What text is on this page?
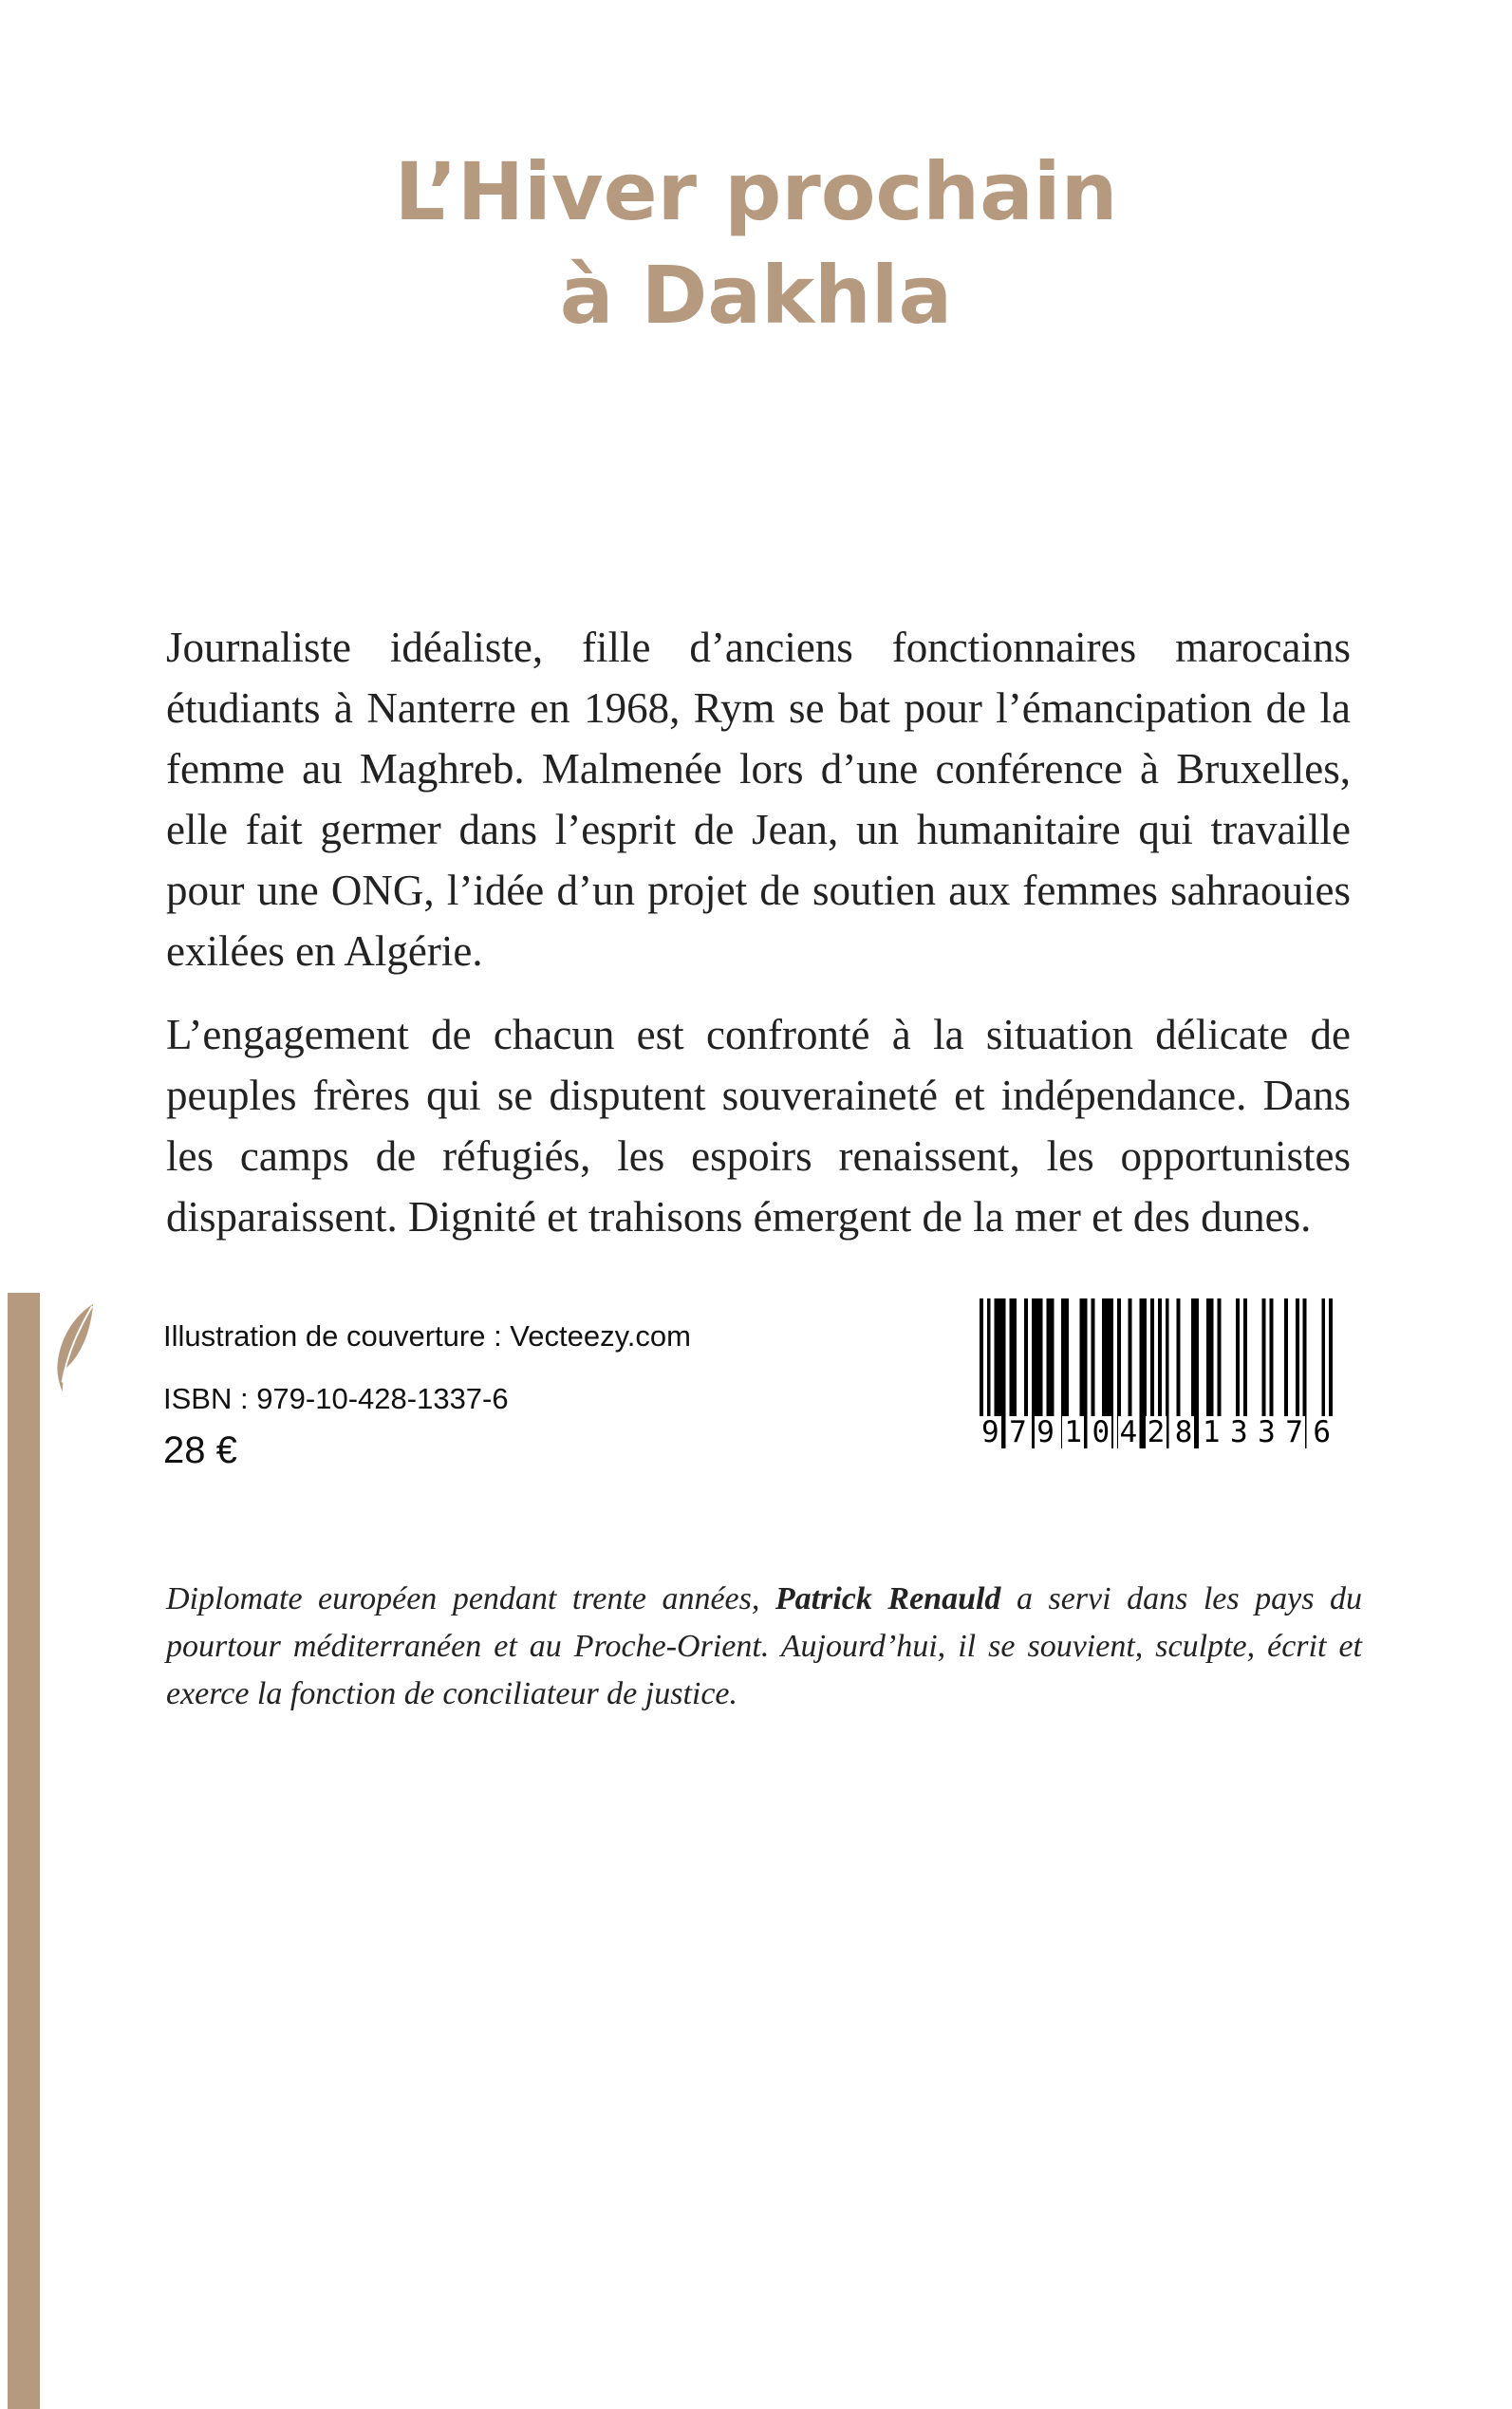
L’Hiver prochain
à Dakhla

Journaliste idéaliste, fille d’anciens fonctionnaires marocains étudiants à Nanterre en 1968, Rym se bat pour l’émancipation de la femme au Maghreb. Malmenée lors d’une conférence à Bruxelles, elle fait germer dans l’esprit de Jean, un humanitaire qui travaille pour une ONG, l’idée d’un projet de soutien aux femmes sahraouies exilées en Algérie.

L’engagement de chacun est confronté à la situation délicate de peuples frères qui se disputent souveraineté et indépendance. Dans les camps de réfugiés, les espoirs renaissent, les opportunistes disparaissent. Dignité et trahisons émergent de la mer et des dunes.

Diplomate européen pendant trente années, Patrick Renauld a servi dans les pays du pourtour méditerranéen et au Proche-Orient. Aujourd’hui, il se souvient, sculpte, écrit et exerce la fonction de conciliateur de justice.

Illustration de couverture : Vecteezy.com
ISBN : 979-10-428-1337-6
28 €	9 7 9 1 0 4 2 8 1 3 3 7 6
